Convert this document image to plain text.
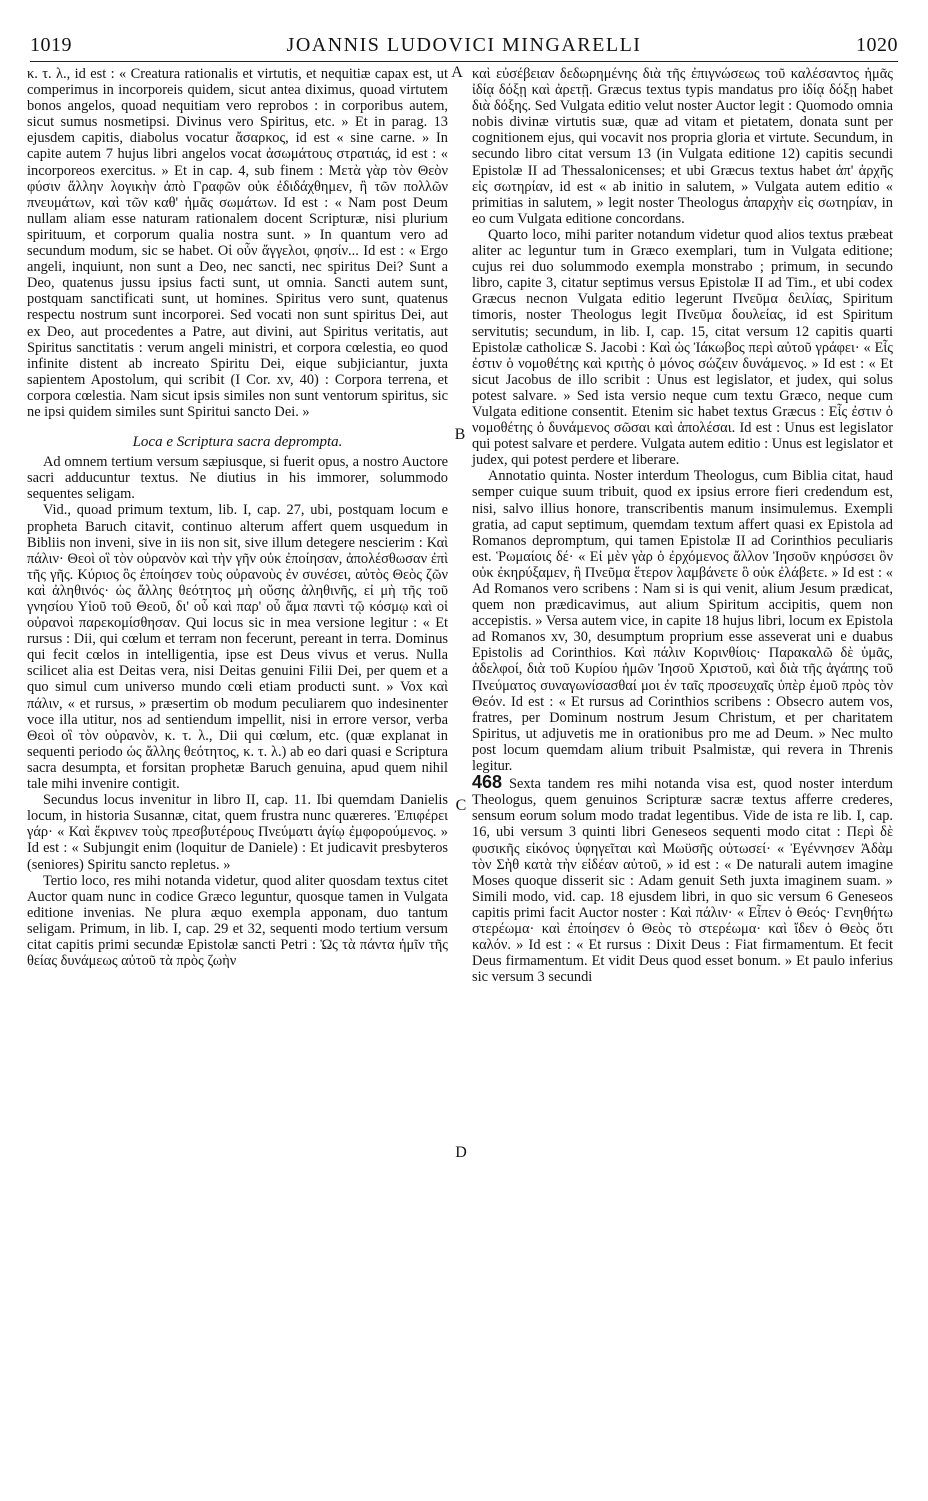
1019	JOANNIS LUDOVICI MINGARELLI	1020

κ. τ. λ., id est : « Creatura rationalis et virtutis, et nequitiæ capax est, ut comperimus in incorporeis quidem, sicut antea diximus, quoad virtutem bonos angelos, quoad nequitiam vero reprobos : in corporibus autem, sicut sumus nosmetipsi. Divinus vero Spiritus, etc. » Et in parag. 13 ejusdem capitis, diabolus vocatur ἄσαρκος, id est « sine carne. » In capite autem 7 hujus libri angelos vocat ἀσωμάτους στρατιάς, id est : « incorporeos exercitus. » Et in cap. 4, sub finem : Μετὰ γὰρ τὸν Θεὸν φύσιν ἄλλην λογικὴν ἀπὸ Γραφῶν οὐκ ἐδιδάχθημεν, ἢ τῶν πολλῶν πνευμάτων, καὶ τῶν καθ' ἡμᾶς σωμάτων. Id est : « Nam post Deum nullam aliam esse naturam rationalem docent Scripturæ, nisi plurium spirituum, et corporum qualia nostra sunt. » In quantum vero ad secundum modum, sic se habet. Οἱ οὖν ἄγγελοι, φησίν... Id est : « Ergo angeli, inquiunt, non sunt a Deo, nec sancti, nec spiritus Dei? Sunt a Deo, quatenus jussu ipsius facti sunt, ut omnia. Sancti autem sunt, postquam sanctificati sunt, ut homines. Spiritus vero sunt, quatenus respectu nostrum sunt incorporei. Sed vocati non sunt spiritus Dei, aut ex Deo, aut procedentes a Patre, aut divini, aut Spiritus veritatis, aut Spiritus sanctitatis : verum angeli ministri, et corpora cœlestia, eo quod infinite distent ab increato Spiritu Dei, eique subjiciantur, juxta sapientem Apostolum, qui scribit (I Cor. xv, 40) : Corpora terrena, et corpora cœlestia. Nam sicut ipsis similes non sunt ventorum spiritus, sic ne ipsi quidem similes sunt Spiritui sancto Dei. »

Loca e Scriptura sacra deprompta.

Ad omnem tertium versum sæpiusque, si fuerit opus, a nostro Auctore sacri adducuntur textus. Ne diutius in his immorer, solummodo sequentes seligam.

Vid., quoad primum textum, lib. I, cap. 27, ubi, postquam locum e propheta Baruch citavit, continuo alterum affert quem usquedum in Bibliis non inveni, sive in iis non sit, sive illum detegere nescierim : Καὶ πάλιν· Θεοὶ οἳ τὸν οὐρανὸν καὶ τὴν γῆν οὐκ ἐποίησαν, ἀπολέσθωσαν ἐπὶ τῆς γῆς. Κύριος ὃς ἐποίησεν τοὺς οὐρανοὺς ἐν συνέσει, αὐτὸς Θεὸς ζῶν καὶ ἀληθινός· ὡς ἄλλης θεότητος μὴ οὔσης ἀληθινῆς, εἰ μὴ τῆς τοῦ γνησίου Υἱοῦ τοῦ Θεοῦ, δι' οὗ καὶ παρ' οὗ ἅμα παντὶ τῷ κόσμῳ καὶ οἱ οὐρανοὶ παρεκομίσθησαν. Qui locus sic in mea versione legitur : « Et rursus : Dii, qui cœlum et terram non fecerunt, pereant in terra. Dominus qui fecit cœlos in intelligentia, ipse est Deus vivus et verus. Nulla scilicet alia est Deitas vera, nisi Deitas genuini Filii Dei, per quem et a quo simul cum universo mundo cœli etiam producti sunt. » Vox καὶ πάλιν, « et rursus, » præsertim ob modum peculiarem quo indesinenter voce illa utitur, nos ad sentiendum impellit, nisi in errore versor, verba Θεοὶ οἳ τὸν οὐρανὸν, κ. τ. λ., Dii qui cœlum, etc. (quæ explanat in sequenti periodo ὡς ἄλλης θεότητος, κ. τ. λ.) ab eo dari quasi e Scriptura sacra desumpta, et forsitan prophetæ Baruch genuina, apud quem nihil tale mihi invenire contigit.

Secundus locus invenitur in libro II, cap. 11. Ibi quemdam Danielis locum, in historia Susannæ, citat, quem frustra nunc quæreres. Ἐπιφέρει γάρ· « Καὶ ἔκρινεν τοὺς πρεσβυτέρους Πνεύματι ἁγίῳ ἐμφορούμενος. » Id est : « Subjungit enim (loquitur de Daniele) : Et judicavit presbyteros (seniores) Spiritu sancto repletus. »

Tertio loco, res mihi notanda videtur, quod aliter quosdam textus citet Auctor quam nunc in codice Græco leguntur, quosque tamen in Vulgata editione invenias. Ne plura æquo exempla apponam, duo tantum seligam. Primum, in lib. I, cap. 29 et 32, sequenti modo tertium versum citat capitis primi secundæ Epistolæ sancti Petri : Ὡς τὰ πάντα ἡμῖν τῆς θείας δυνάμεως αὐτοῦ τὰ πρὸς ζωὴν

A
B
C
D

καὶ εὐσέβειαν δεδωρημένης διὰ τῆς ἐπιγνώσεως τοῦ καλέσαντος ἡμᾶς ἰδίᾳ δόξῃ καὶ ἀρετῇ. Græcus textus typis mandatus pro ἰδίᾳ δόξῃ habet διὰ δόξης. Sed Vulgata editio velut noster Auctor legit : Quomodo omnia nobis divinæ virtutis suæ, quæ ad vitam et pietatem, donata sunt per cognitionem ejus, qui vocavit nos propria gloria et virtute. Secundum, in secundo libro citat versum 13 (in Vulgata editione 12) capitis secundi Epistolæ II ad Thessalonicenses; et ubi Græcus textus habet ἀπ' ἀρχῆς εἰς σωτηρίαν, id est « ab initio in salutem, » Vulgata autem editio « primitias in salutem, » legit noster Theologus ἀπαρχὴν εἰς σωτηρίαν, in eo cum Vulgata editione concordans.

Quarto loco, mihi pariter notandum videtur quod alios textus præbeat aliter ac leguntur tum in Græco exemplari, tum in Vulgata editione; cujus rei duo solummodo exempla monstrabo ; primum, in secundo libro, capite 3, citatur septimus versus Epistolæ II ad Tim., et ubi codex Græcus necnon Vulgata editio legerunt Πνεῦμα δειλίας, Spiritum timoris, noster Theologus legit Πνεῦμα δουλείας, id est Spiritum servitutis; secundum, in lib. I, cap. 15, citat versum 12 capitis quarti Epistolæ catholicæ S. Jacobi : Καὶ ὡς Ἰάκωβος περὶ αὐτοῦ γράφει· « Εἷς ἐστιν ὁ νομοθέτης καὶ κριτὴς ὁ μόνος σώζειν δυνάμενος. » Id est : « Et sicut Jacobus de illo scribit : Unus est legislator, et judex, qui solus potest salvare. » Sed ista versio neque cum textu Græco, neque cum Vulgata editione consentit. Etenim sic habet textus Græcus : Εἷς ἐστιν ὁ νομοθέτης ὁ δυνάμενος σῶσαι καὶ ἀπολέσαι. Id est : Unus est legislator qui potest salvare et perdere. Vulgata autem editio : Unus est legislator et judex, qui potest perdere et liberare.

Annotatio quinta. Noster interdum Theologus, cum Biblia citat, haud semper cuique suum tribuit, quod ex ipsius errore fieri credendum est, nisi, salvo illius honore, transcribentis manum insimulemus. Exempli gratia, ad caput septimum, quemdam textum affert quasi ex Epistola ad Romanos depromptum, qui tamen Epistolæ II ad Corinthios peculiaris est. Ῥωμαίοις δέ· « Εἰ μὲν γὰρ ὁ ἐρχόμενος ἄλλον Ἰησοῦν κηρύσσει ὃν οὐκ ἐκηρύξαμεν, ἢ Πνεῦμα ἕτερον λαμβάνετε ὃ οὐκ ἐλάβετε. » Id est : « Ad Romanos vero scribens : Nam si is qui venit, alium Jesum prædicat, quem non prædicavimus, aut alium Spiritum accipitis, quem non accepistis. » Versa autem vice, in capite 18 hujus libri, locum ex Epistola ad Romanos xv, 30, desumptum proprium esse asseverat uni e duabus Epistolis ad Corinthios. Καὶ πάλιν Κορινθίοις· Παρακαλῶ δὲ ὑμᾶς, ἀδελφοί, διὰ τοῦ Κυρίου ἡμῶν Ἰησοῦ Χριστοῦ, καὶ διὰ τῆς ἀγάπης τοῦ Πνεύματος συναγωνίσασθαί μοι ἐν ταῖς προσευχαῖς ὑπὲρ ἐμοῦ πρὸς τὸν Θεόν. Id est : « Et rursus ad Corinthios scribens : Obsecro autem vos, fratres, per Dominum nostrum Jesum Christum, et per charitatem Spiritus, ut adjuvetis me in orationibus pro me ad Deum. » Nec multo post locum quemdam alium tribuit Psalmistæ, qui revera in Threnis legitur.

468 Sexta tandem res mihi notanda visa est, quod noster interdum Theologus, quem genuinos Scripturæ sacræ textus afferre crederes, sensum eorum solum modo tradat legentibus. Vide de ista re lib. I, cap. 16, ubi versum 3 quinti libri Geneseos sequenti modo citat : Περὶ δὲ φυσικῆς εἰκόνος ὑφηγεῖται καὶ Μωϋσῆς οὑτωσεί· « Ἐγέννησεν Ἀδὰμ τὸν Σὴθ κατὰ τὴν εἰδέαν αὐτοῦ, » id est : « De naturali autem imagine Moses quoque disserit sic : Adam genuit Seth juxta imaginem suam. » Simili modo, vid. cap. 18 ejusdem libri, in quo sic versum 6 Geneseos capitis primi facit Auctor noster : Καὶ πάλιν· « Εἶπεν ὁ Θεός· Γενηθήτω στερέωμα· καὶ ἐποίησεν ὁ Θεὸς τὸ στερέωμα· καὶ ἴδεν ὁ Θεὸς ὅτι καλόν. » Id est : « Et rursus : Dixit Deus : Fiat firmamentum. Et fecit Deus firmamentum. Et vidit Deus quod esset bonum. » Et paulo inferius sic versum 3 secundi
